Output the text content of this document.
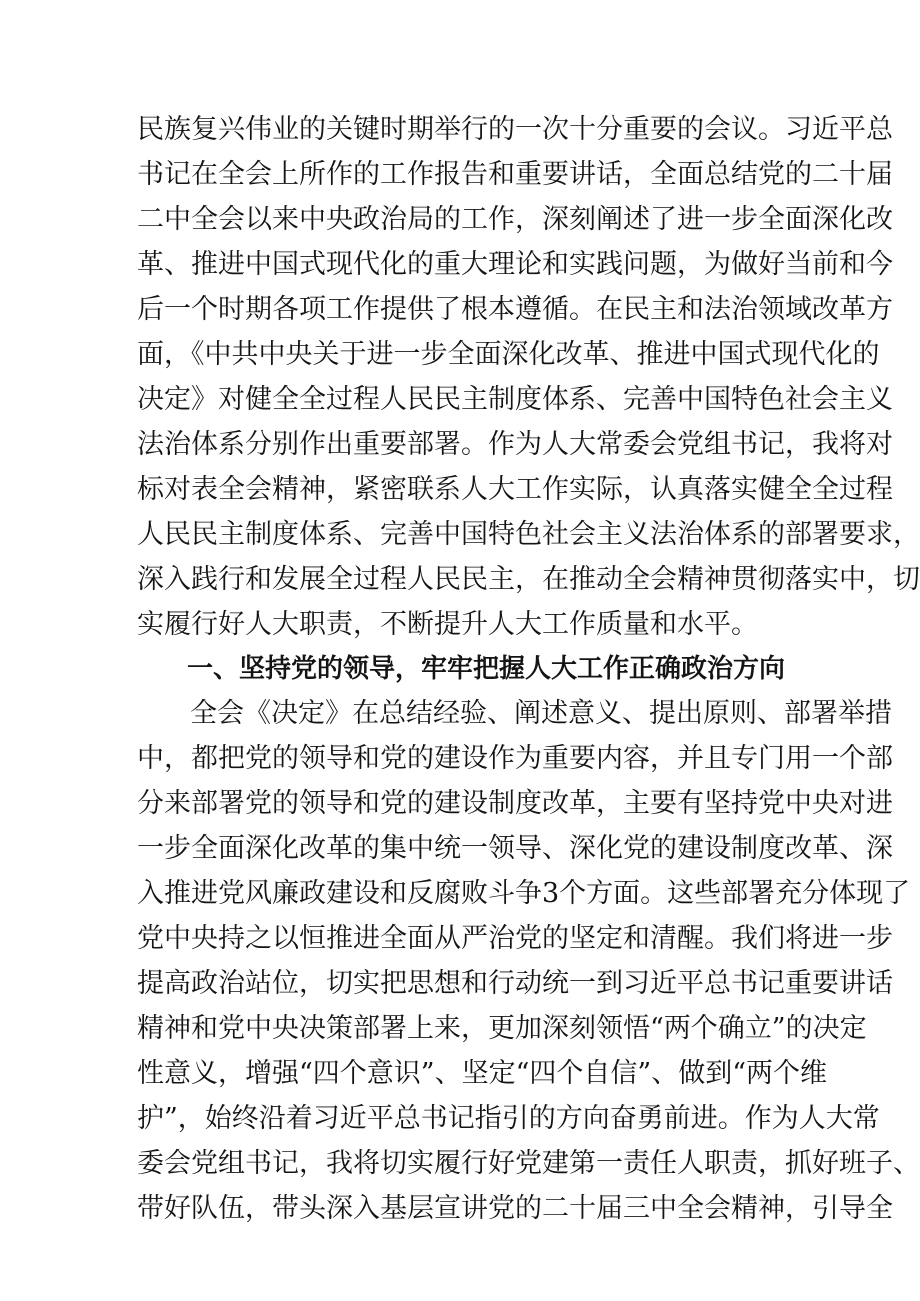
民族复兴伟业的关键时期举行的一次十分重要的会议。习近平总
书记在全会上所作的工作报告和重要讲话，全面总结党的二十届
二中全会以来中央政治局的工作，深刻阐述了进一步全面深化改
革、推进中国式现代化的重大理论和实践问题，为做好当前和今
后一个时期各项工作提供了根本遵循。在民主和法治领域改革方
面，《中共中央关于进一步全面深化改革、推进中国式现代化的
决定》对健全全过程人民民主制度体系、完善中国特色社会主义
法治体系分别作出重要部署。作为人大常委会党组书记，我将对
标对表全会精神，紧密联系人大工作实际，认真落实健全全过程
人民民主制度体系、完善中国特色社会主义法治体系的部署要求，
深入践行和发展全过程人民民主，在推动全会精神贯彻落实中，切
实履行好人大职责，不断提升人大工作质量和水平。
一、坚持党的领导，牢牢把握人大工作正确政治方向
全会《决定》在总结经验、阐述意义、提出原则、部署举措
中，都把党的领导和党的建设作为重要内容，并且专门用一个部
分来部署党的领导和党的建设制度改革，主要有坚持党中央对进
一步全面深化改革的集中统一领导、深化党的建设制度改革、深
入推进党风廉政建设和反腐败斗争3个方面。这些部署充分体现了
党中央持之以恒推进全面从严治党的坚定和清醒。我们将进一步
提高政治站位，切实把思想和行动统一到习近平总书记重要讲话
精神和党中央决策部署上来，更加深刻领悟“两个确立”的决定
性意义，增强“四个意识”、坚定“四个自信”、做到“两个维
护”，始终沿着习近平总书记指引的方向奋勇前进。作为人大常
委会党组书记，我将切实履行好党建第一责任人职责，抓好班子、
带好队伍，带头深入基层宣讲党的二十届三中全会精神，引导全
